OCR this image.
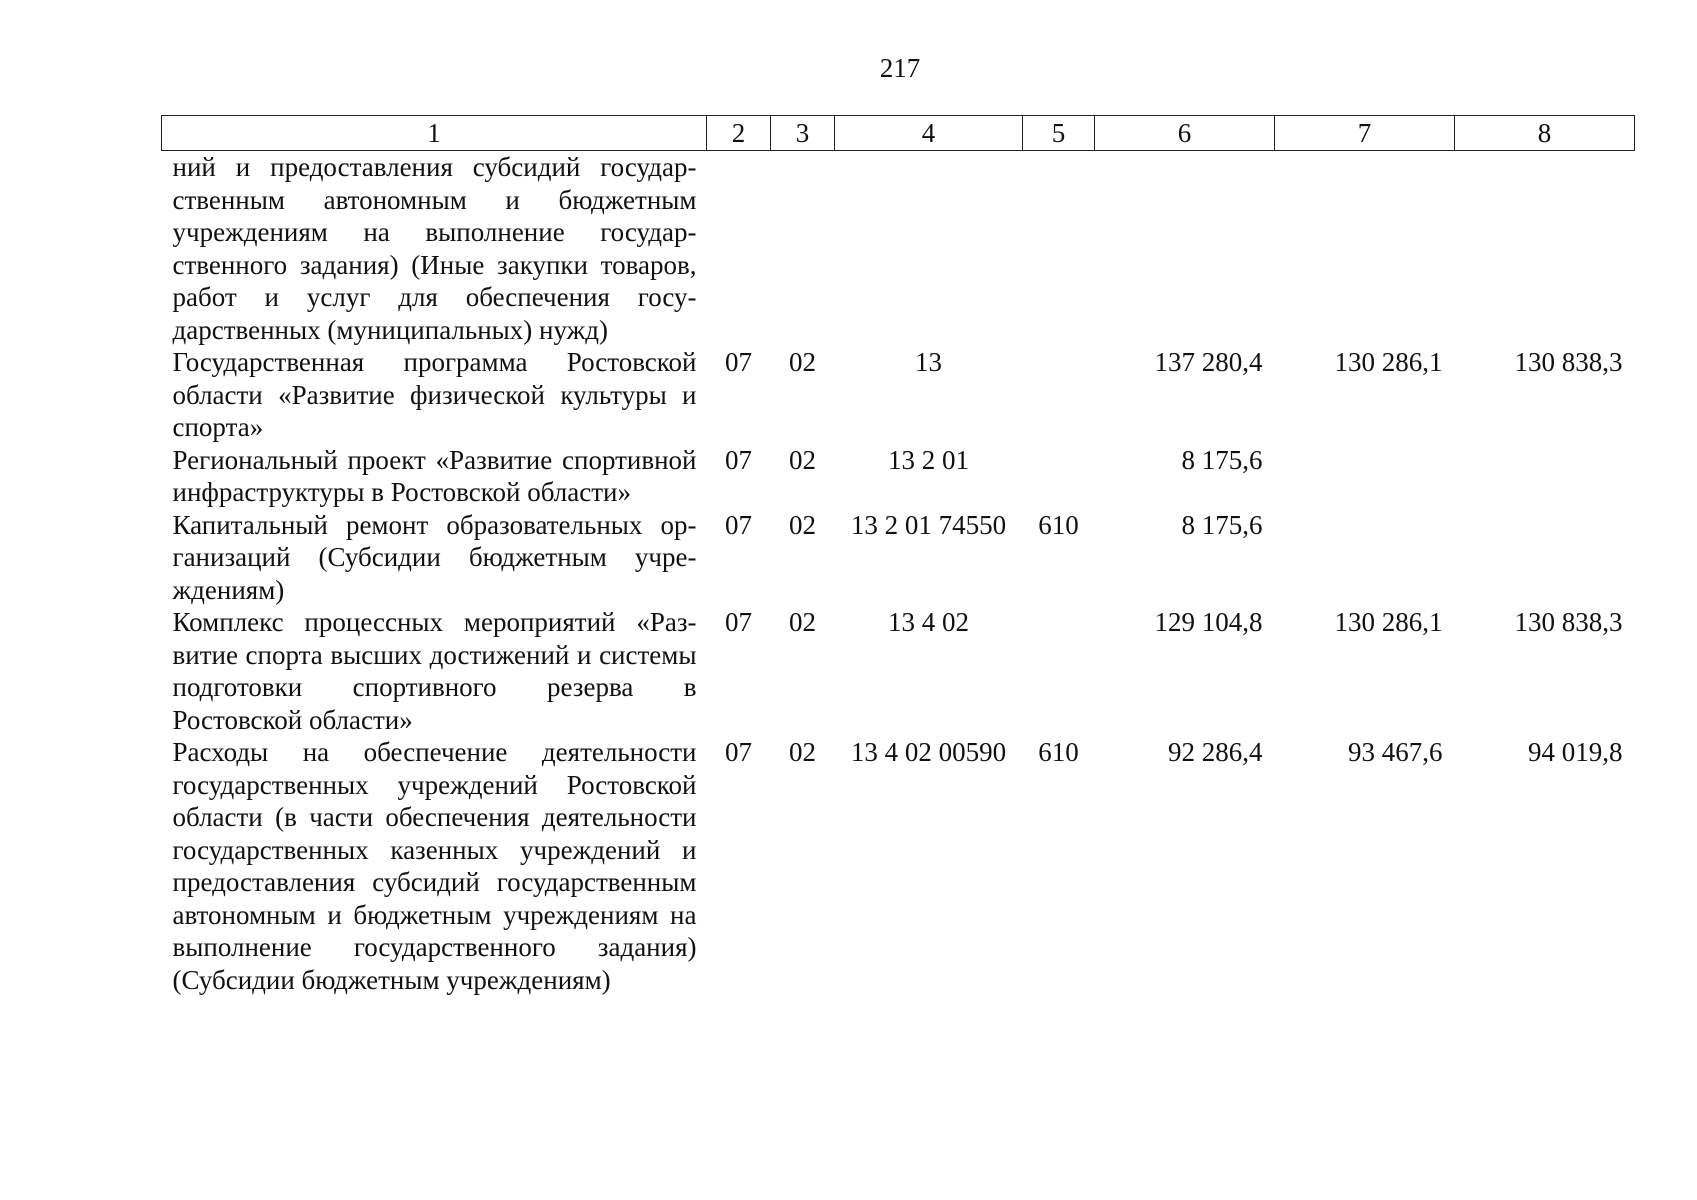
217
1	2	3	4	5	6	7	8
ний и предоставления субсидий государственным автономным и бюджетным учреждениям на выполнение государственного задания) (Иные закупки товаров, работ и услуг для обеспечения государственных (муниципальных) нужд)							
Государственная программа Ростовской области «Развитие физической культуры и спорта»	07	02	13		137 280,4	130 286,1	130 838,3
Региональный проект «Развитие спортивной инфраструктуры в Ростовской области»	07	02	13 2 01		8 175,6		
Капитальный ремонт образовательных организаций (Субсидии бюджетным учреждениям)	07	02	13 2 01 74550	610	8 175,6		
Комплекс процессных мероприятий «Развитие спорта высших достижений и системы подготовки спортивного резерва в Ростовской области»	07	02	13 4 02		129 104,8	130 286,1	130 838,3
Расходы на обеспечение деятельности государственных учреждений Ростовской области (в части обеспечения деятельности государственных казенных учреждений и предоставления субсидий государственным автономным и бюджетным учреждениям на выполнение государственного задания) (Субсидии бюджетным учреждениям)	07	02	13 4 02 00590	610	92 286,4	93 467,6	94 019,8
